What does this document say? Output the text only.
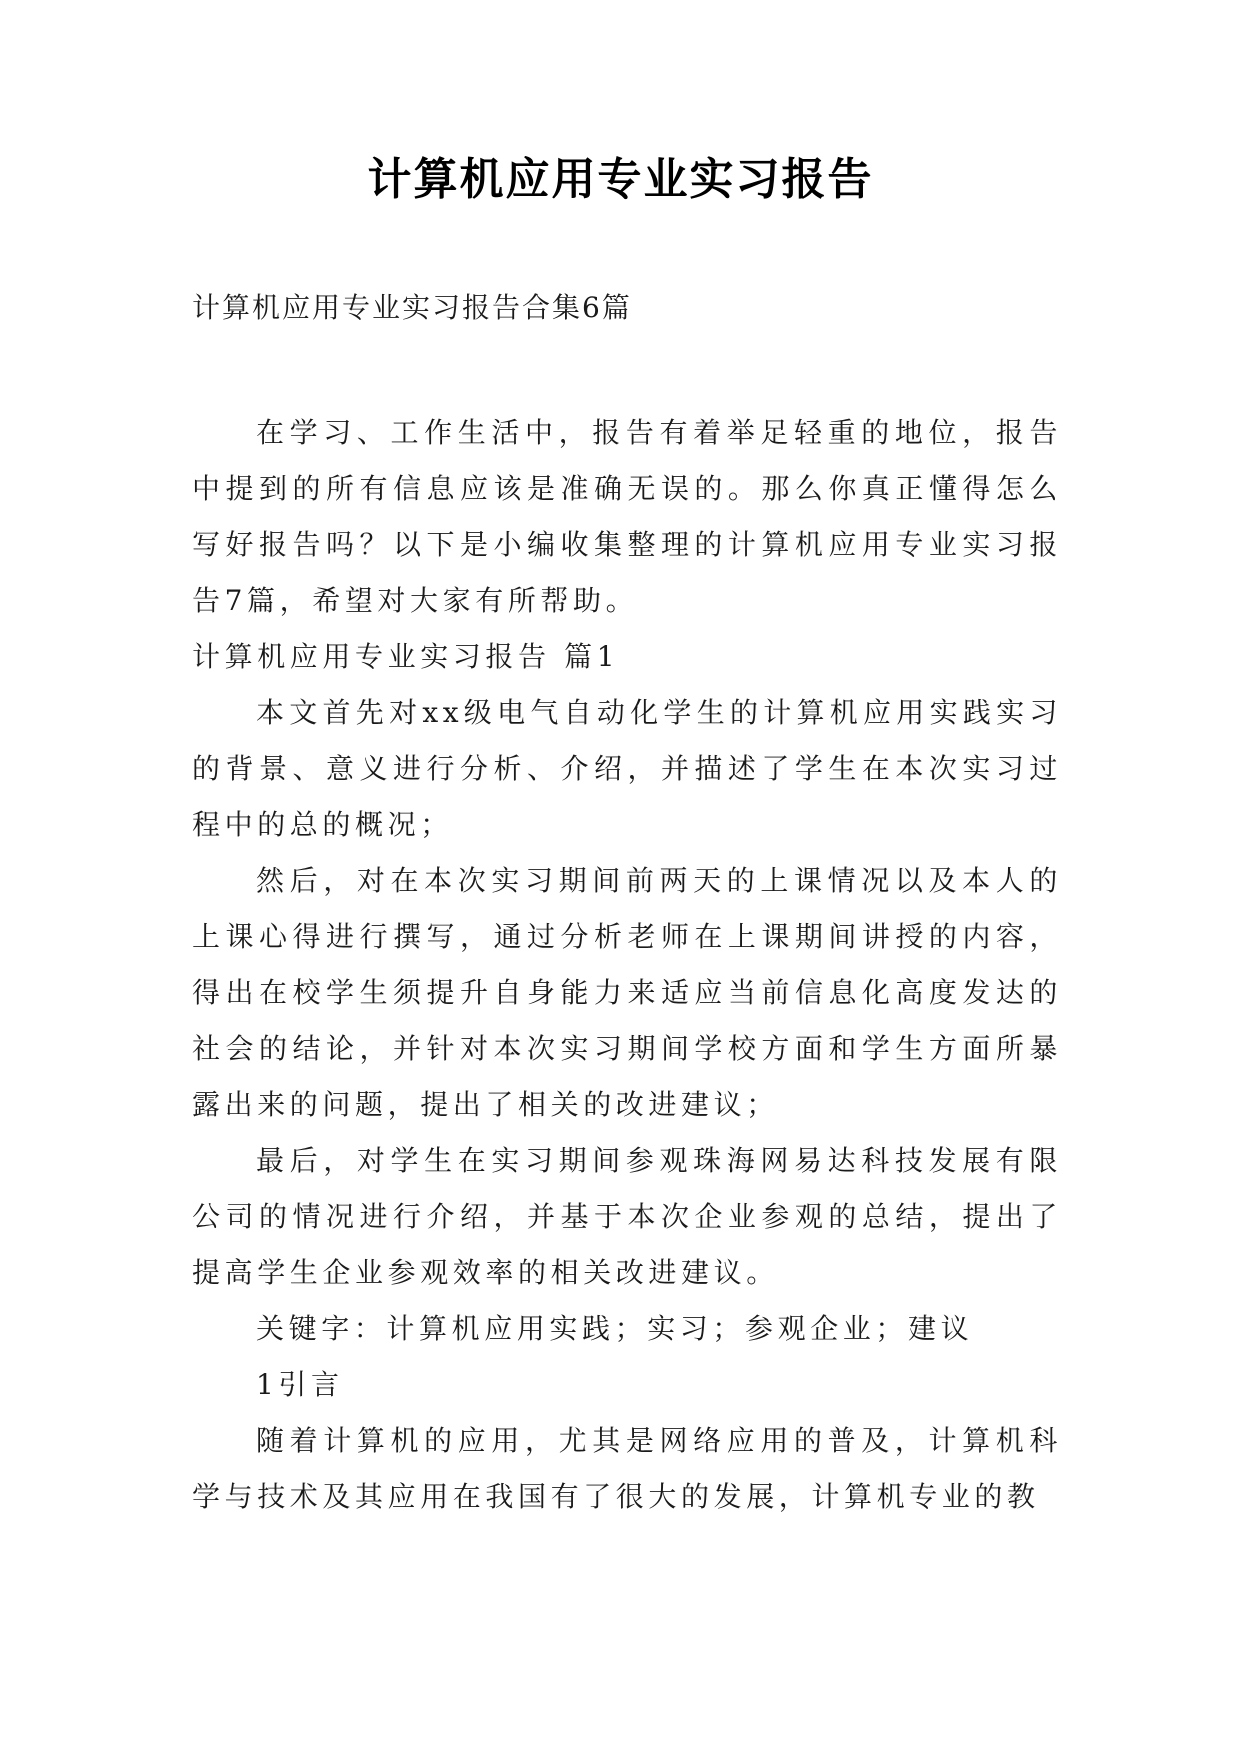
计算机应用专业实习报告
计算机应用专业实习报告合集6篇

在学习、工作生活中，报告有着举足轻重的地位，报告中提到的所有信息应该是准确无误的。那么你真正懂得怎么写好报告吗？以下是小编收集整理的计算机应用专业实习报告7篇，希望对大家有所帮助。

计算机应用专业实习报告 篇1

本文首先对xx级电气自动化学生的计算机应用实践实习的背景、意义进行分析、介绍，并描述了学生在本次实习过程中的总的概况；

然后，对在本次实习期间前两天的上课情况以及本人的上课心得进行撰写，通过分析老师在上课期间讲授的内容，得出在校学生须提升自身能力来适应当前信息化高度发达的社会的结论，并针对本次实习期间学校方面和学生方面所暴露出来的问题，提出了相关的改进建议；

最后，对学生在实习期间参观珠海网易达科技发展有限公司的情况进行介绍，并基于本次企业参观的总结，提出了提高学生企业参观效率的相关改进建议。

关键字：计算机应用实践；实习；参观企业；建议

1引言

随着计算机的应用，尤其是网络应用的普及，计算机科学与技术及其应用在我国有了很大的发展，计算机专业的教
